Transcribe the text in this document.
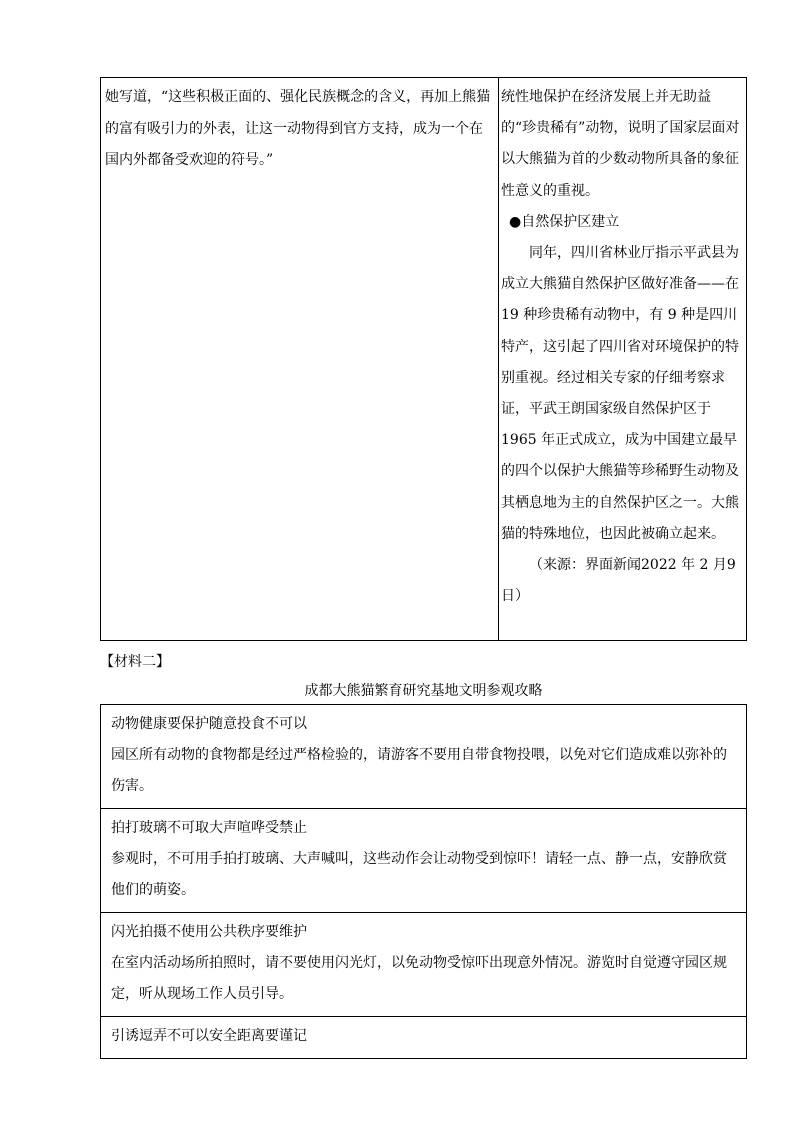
她写道，“这些积极正面的、强化民族概念的含义，再加上熊猫的富有吸引力的外表，让这一动物得到官方支持，成为一个在国内外都备受欢迎的符号。”

统性地保护在经济发展上并无助益的“珍贵稀有”动物，说明了国家层面对以大熊猫为首的少数动物所具备的象征性意义的重视。

●自然保护区建立

同年，四川省林业厅指示平武县为成立大熊猫自然保护区做好准备——在 19 种珍贵稀有动物中，有 9 种是四川特产，这引起了四川省对环境保护的特别重视。经过相关专家的仔细考察求证，平武王朗国家级自然保护区于 1965 年正式成立，成为中国建立最早的四个以保护大熊猫等珍稀野生动物及其栖息地为主的自然保护区之一。大熊猫的特殊地位，也因此被确立起来。

（来源：界面新闻2022 年 2 月9日）

【材料二】
成都大熊猫繁育研究基地文明参观攻略

动物健康要保护随意投食不可以

园区所有动物的食物都是经过严格检验的，请游客不要用自带食物投喂，以免对它们造成难以弥补的伤害。

拍打玻璃不可取大声喧哗受禁止

参观时，不可用手拍打玻璃、大声喊叫，这些动作会让动物受到惊吓！请轻一点、静一点，安静欣赏他们的萌姿。

闪光拍摄不使用公共秩序要维护

在室内活动场所拍照时，请不要使用闪光灯，以免动物受惊吓出现意外情况。游览时自觉遵守园区规定，听从现场工作人员引导。

引诱逗弄不可以安全距离要谨记
